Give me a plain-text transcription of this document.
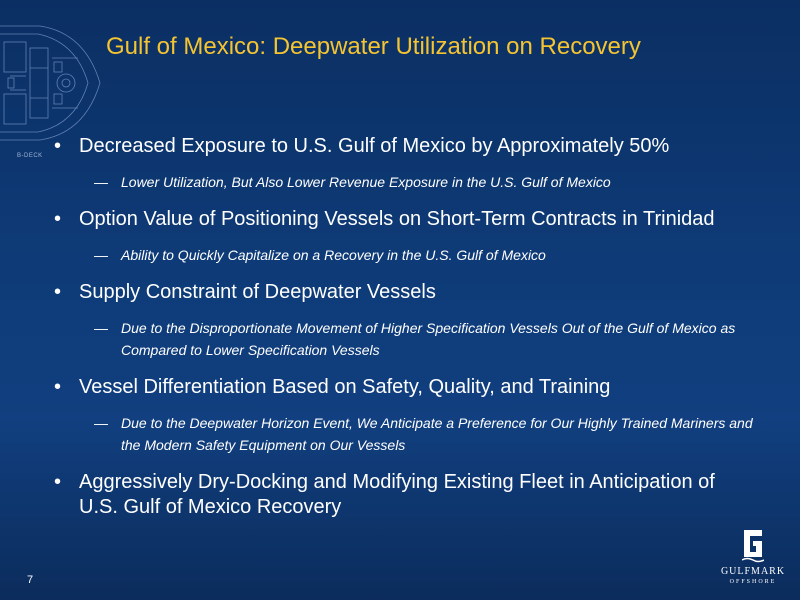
B-DECK
Gulf of Mexico: Deepwater Utilization on Recovery
• Decreased Exposure to U.S. Gulf of Mexico by Approximately 50%
— Lower Utilization, But Also Lower Revenue Exposure in the U.S. Gulf of Mexico
• Option Value of Positioning Vessels on Short-Term Contracts in Trinidad
— Ability to Quickly Capitalize on a Recovery in the U.S. Gulf of Mexico
• Supply Constraint of Deepwater Vessels
— Due to the Disproportionate Movement of Higher Specification Vessels Out of the Gulf of Mexico as Compared to Lower Specification Vessels
• Vessel Differentiation Based on Safety, Quality, and Training
— Due to the Deepwater Horizon Event, We Anticipate a Preference for Our Highly Trained Mariners and the Modern Safety Equipment on Our Vessels
• Aggressively Dry-Docking and Modifying Existing Fleet in Anticipation of U.S. Gulf of Mexico Recovery
7
GULFMARK
OFFSHORE
